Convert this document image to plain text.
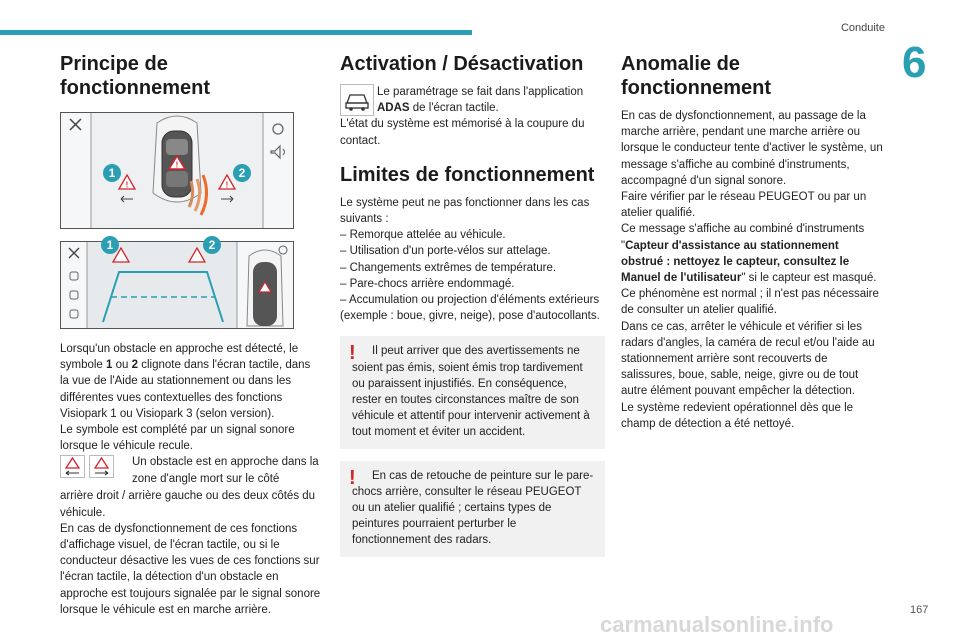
Conduite
6
Principe de fonctionnement
!
!	!
1	2
1	2

Lorsqu'un obstacle en approche est détecté, le symbole 1 ou 2 clignote dans l'écran tactile, dans la vue de l'Aide au stationnement ou dans les différentes vues contextuelles des fonctions Visiopark 1 ou Visiopark 3 (selon version).

Le symbole est complété par un signal sonore lorsque le véhicule recule.

Un obstacle est en approche dans la zone d'angle mort sur le côté

arrière droit / arrière gauche ou des deux côtés du véhicule.

En cas de dysfonctionnement de ces fonctions d'affichage visuel, de l'écran tactile, ou si le conducteur désactive les vues de ces fonctions sur l'écran tactile, la détection d'un obstacle en approche est toujours signalée par le signal sonore lorsque le véhicule est en marche arrière.

Activation / Désactivation

Le paramétrage se fait dans l'application

ADAS de l'écran tactile.

L'état du système est mémorisé à la coupure du contact.

Limites de fonctionnement

Le système peut ne pas fonctionner dans les cas suivants :

– Remorque attelée au véhicule.

– Utilisation d'un porte-vélos sur attelage.

– Changements extrêmes de température.

– Pare-chocs arrière endommagé.

– Accumulation ou projection d'éléments extérieurs (exemple : boue, givre, neige), pose d'autocollants.

!	Il peut arriver que des avertissements ne soient pas émis, soient émis trop tardivement ou paraissent injustifiés. En conséquence, rester en toutes circonstances maître de son véhicule et attentif pour intervenir activement à tout moment et éviter un accident.

!	En cas de retouche de peinture sur le pare-chocs arrière, consulter le réseau PEUGEOT ou un atelier qualifié ; certains types de peintures pourraient perturber le fonctionnement des radars.

Anomalie de fonctionnement

En cas de dysfonctionnement, au passage de la marche arrière, pendant une marche arrière ou lorsque le conducteur tente d'activer le système, un message s'affiche au combiné d'instruments, accompagné d'un signal sonore.

Faire vérifier par le réseau PEUGEOT ou par un atelier qualifié.

Ce message s'affiche au combiné d'instruments "Capteur d'assistance au stationnement obstrué : nettoyez le capteur, consultez le Manuel de l'utilisateur" si le capteur est masqué.

Ce phénomène est normal ; il n'est pas nécessaire de consulter un atelier qualifié.

Dans ce cas, arrêter le véhicule et vérifier si les radars d'angles, la caméra de recul et/ou l'aide au stationnement arrière sont recouverts de salissures, boue, sable, neige, givre ou de tout autre élément pouvant empêcher la détection.

Le système redevient opérationnel dès que le champ de détection a été nettoyé.

167
carmanualsonline.info
